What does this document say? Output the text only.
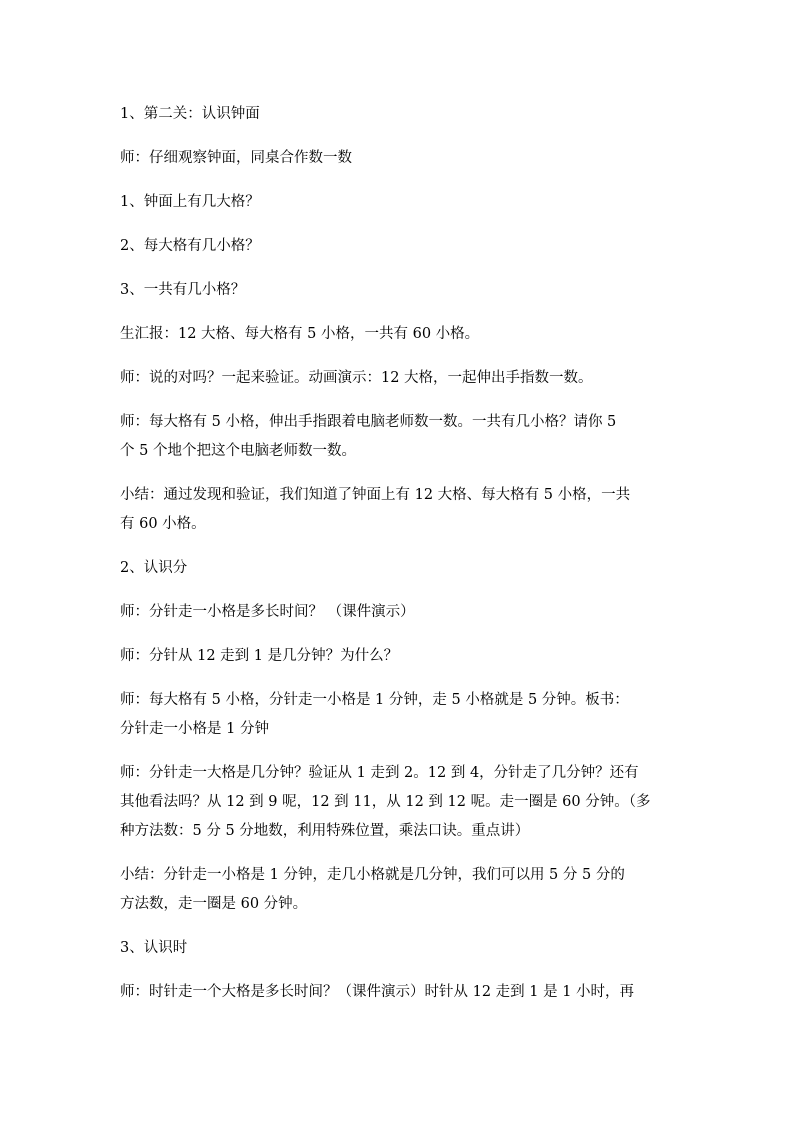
1、第二关：认识钟面

师：仔细观察钟面，同桌合作数一数

1、钟面上有几大格？

2、每大格有几小格？

3、一共有几小格？

生汇报：12 大格、每大格有 5 小格，一共有 60 小格。

师：说的对吗？一起来验证。动画演示：12 大格，一起伸出手指数一数。

师：每大格有 5 小格，伸出手指跟着电脑老师数一数。一共有几小格？请你 5
个 5 个地个把这个电脑老师数一数。

小结：通过发现和验证，我们知道了钟面上有 12 大格、每大格有 5 小格，一共
有 60 小格。

2、认识分

师：分针走一小格是多长时间？ （课件演示）

师：分针从 12 走到 1 是几分钟？为什么？

师：每大格有 5 小格，分针走一小格是 1 分钟，走 5 小格就是 5 分钟。板书：
分针走一小格是 1 分钟

师：分针走一大格是几分钟？验证从 1 走到 2。12 到 4，分针走了几分钟？还有
其他看法吗？从 12 到 9 呢，12 到 11，从 12 到 12 呢。走一圈是 60 分钟。（多
种方法数：5 分 5 分地数，利用特殊位置，乘法口诀。重点讲）

小结：分针走一小格是 1 分钟，走几小格就是几分钟，我们可以用 5 分 5 分的
方法数，走一圈是 60 分钟。

3、认识时

师：时针走一个大格是多长时间？（课件演示）时针从 12 走到 1 是 1 小时，再
